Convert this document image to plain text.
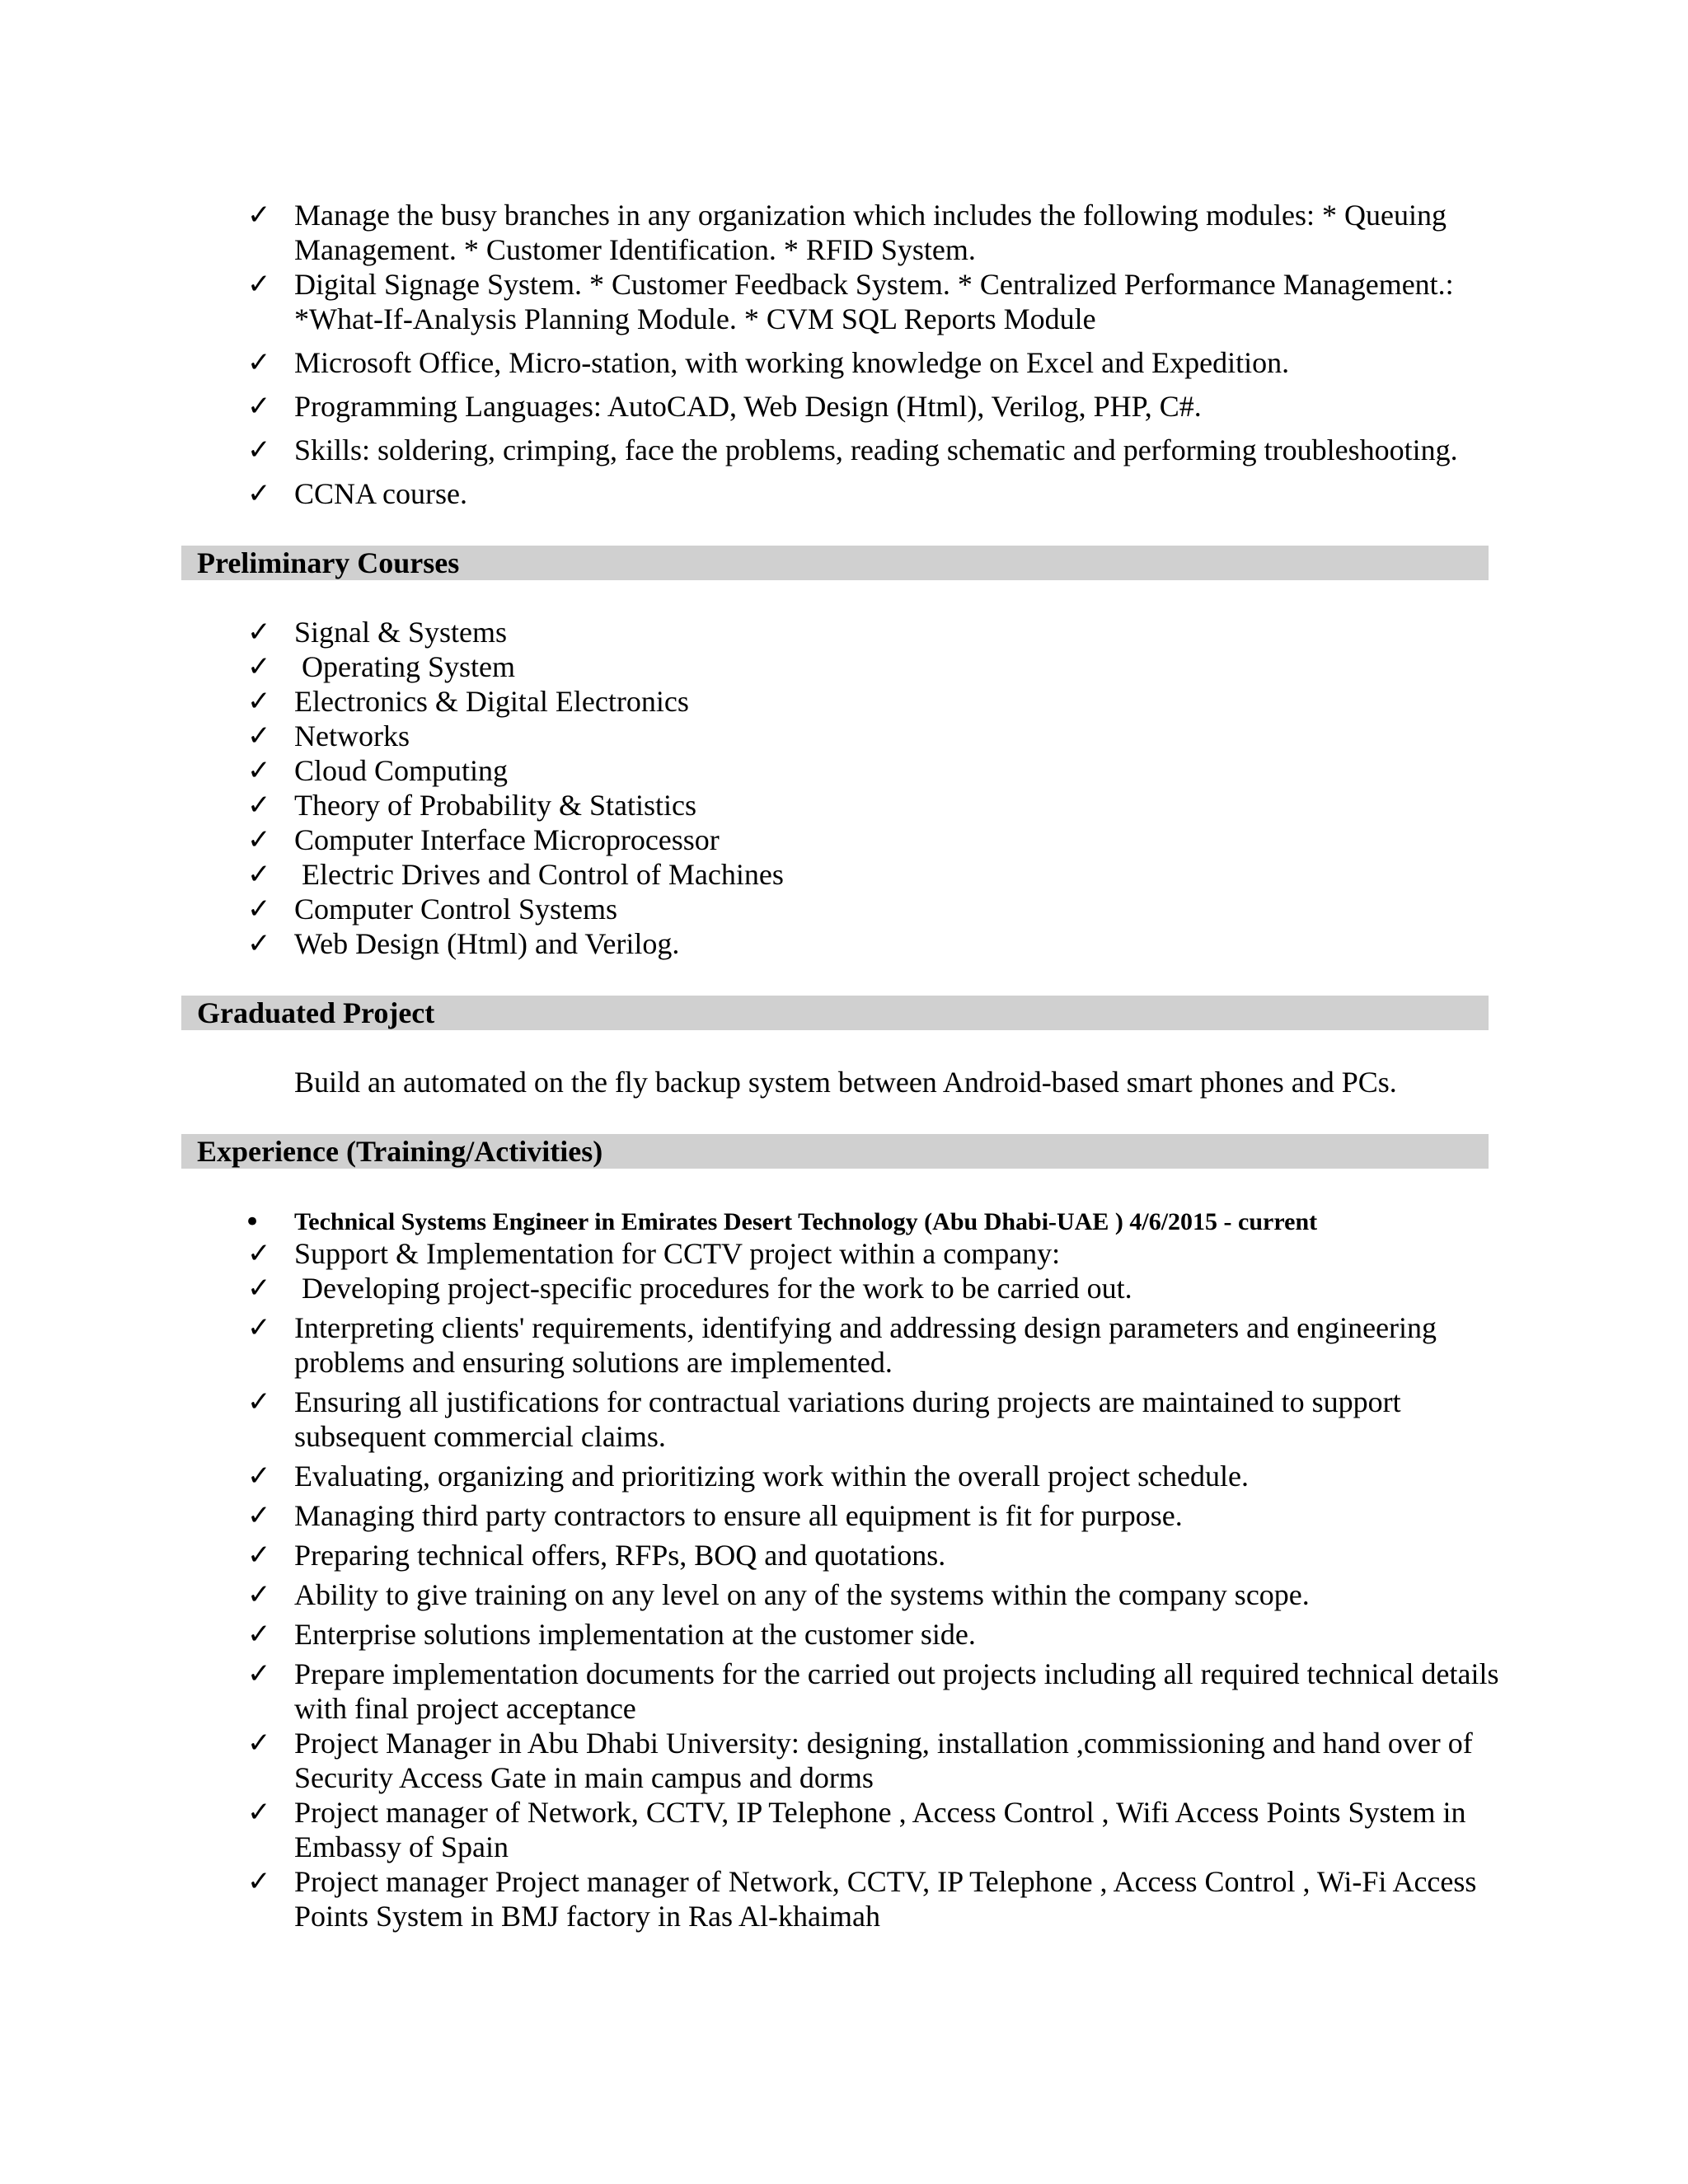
✓ Manage the busy branches in any organization which includes the following modules: * Queuing Management. * Customer Identification. * RFID System.
✓ Digital Signage System. * Customer Feedback System. * Centralized Performance Management.: *What-If-Analysis Planning Module. * CVM SQL Reports Module
✓ Microsoft Office, Micro-station, with working knowledge on Excel and Expedition.
✓ Programming Languages: AutoCAD, Web Design (Html), Verilog, PHP, C#.
✓ Skills: soldering, crimping, face the problems, reading schematic and performing troubleshooting.
✓ CCNA course.
Preliminary Courses
✓ Signal & Systems
✓ Operating System
✓ Electronics & Digital Electronics
✓ Networks
✓ Cloud Computing
✓ Theory of Probability & Statistics
✓ Computer Interface Microprocessor
✓ Electric Drives and Control of Machines
✓ Computer Control Systems
✓ Web Design (Html) and Verilog.
Graduated Project
Build an automated on the fly backup system between Android-based smart phones and PCs.
Experience (Training/Activities)
• Technical Systems Engineer in Emirates Desert Technology (Abu Dhabi-UAE ) 4/6/2015 - current
✓ Support & Implementation for CCTV project within a company:
✓ Developing project-specific procedures for the work to be carried out.
✓ Interpreting clients' requirements, identifying and addressing design parameters and engineering problems and ensuring solutions are implemented.
✓ Ensuring all justifications for contractual variations during projects are maintained to support subsequent commercial claims.
✓ Evaluating, organizing and prioritizing work within the overall project schedule.
✓ Managing third party contractors to ensure all equipment is fit for purpose.
✓ Preparing technical offers, RFPs, BOQ and quotations.
✓ Ability to give training on any level on any of the systems within the company scope.
✓ Enterprise solutions implementation at the customer side.
✓ Prepare implementation documents for the carried out projects including all required technical details with final project acceptance
✓ Project Manager in Abu Dhabi University: designing, installation ,commissioning and hand over of Security Access Gate in main campus and dorms
✓ Project manager of Network, CCTV, IP Telephone , Access Control , Wifi Access Points System in Embassy of Spain
✓ Project manager Project manager of Network, CCTV, IP Telephone , Access Control , Wi-Fi Access Points System in BMJ factory in Ras Al-khaimah
